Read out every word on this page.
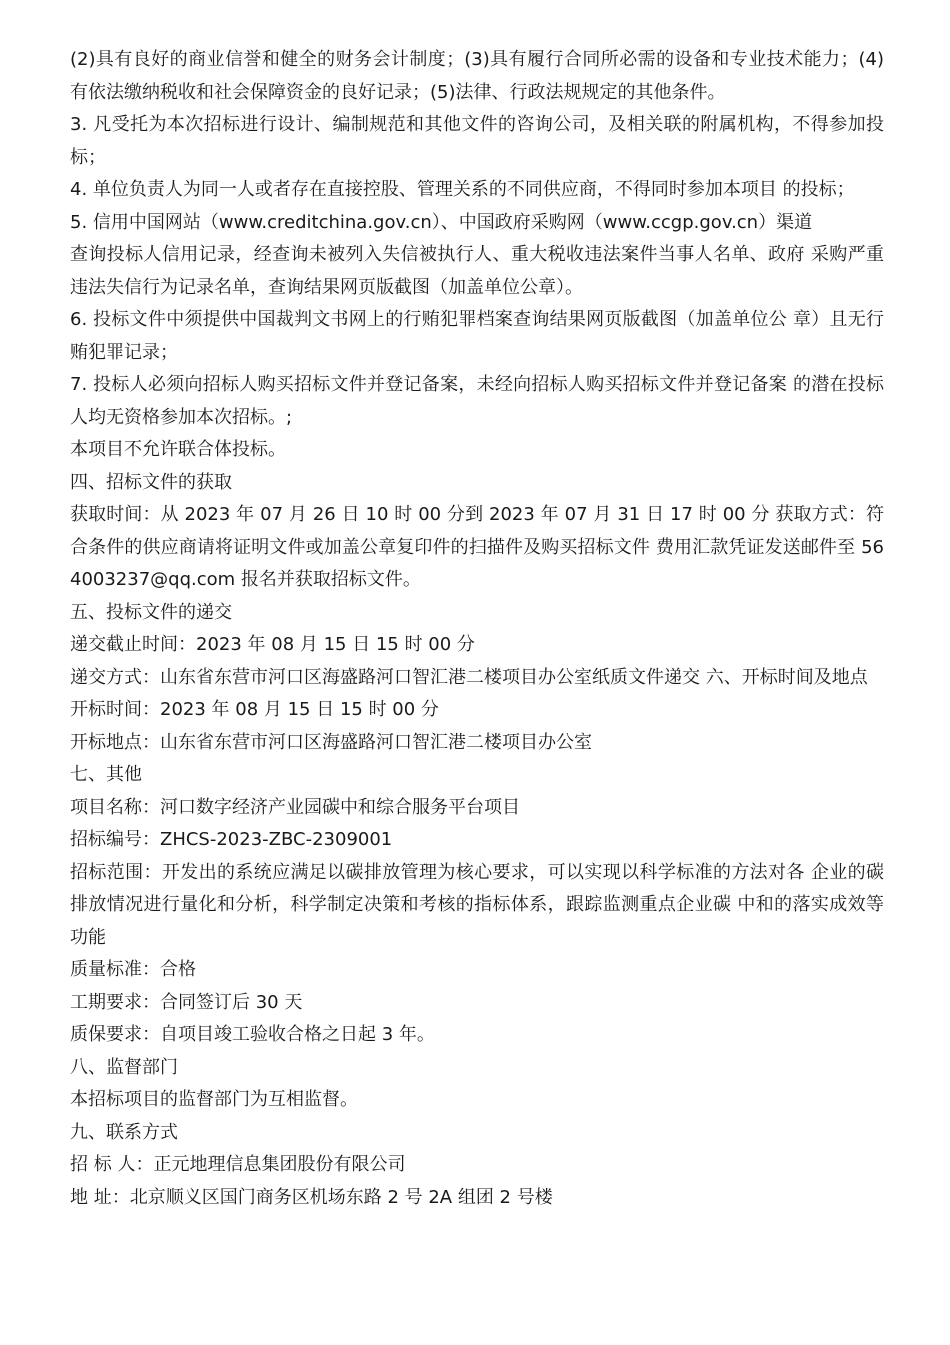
(2)具有良好的商业信誉和健全的财务会计制度；(3)具有履行合同所必需的设备和专业技术能力；(4) 有依法缴纳税收和社会保障资金的良好记录；(5)法律、行政法规规定的其他条件。

3. 凡受托为本次招标进行设计、编制规范和其他文件的咨询公司，及相关联的附属机构，不得参加投标；

4. 单位负责人为同一人或者存在直接控股、管理关系的不同供应商，不得同时参加本项目 的投标；

5. 信用中国网站（www.creditchina.gov.cn）、中国政府采购网（www.ccgp.gov.cn）渠道

查询投标人信用记录，经查询未被列入失信被执行人、重大税收违法案件当事人名单、政府 采购严重违法失信行为记录名单，查询结果网页版截图（加盖单位公章）。

6. 投标文件中须提供中国裁判文书网上的行贿犯罪档案查询结果网页版截图（加盖单位公 章）且无行贿犯罪记录；

7. 投标人必须向招标人购买招标文件并登记备案，未经向招标人购买招标文件并登记备案 的潜在投标人均无资格参加本次招标。;

本项目不允许联合体投标。

四、招标文件的获取

获取时间：从 2023 年 07 月 26 日 10 时 00 分到 2023 年 07 月 31 日 17 时 00 分 获取方式：符合条件的供应商请将证明文件或加盖公章复印件的扫描件及购买招标文件 费用汇款凭证发送邮件至 564003237@qq.com 报名并获取招标文件。

五、投标文件的递交

递交截止时间：2023 年 08 月 15 日 15 时 00 分

递交方式：山东省东营市河口区海盛路河口智汇港二楼项目办公室纸质文件递交 六、开标时间及地点

开标时间：2023 年 08 月 15 日 15 时 00 分

开标地点：山东省东营市河口区海盛路河口智汇港二楼项目办公室

七、其他

项目名称：河口数字经济产业园碳中和综合服务平台项目

招标编号：ZHCS-2023-ZBC-2309001

招标范围：开发出的系统应满足以碳排放管理为核心要求，可以实现以科学标准的方法对各 企业的碳排放情况进行量化和分析，科学制定决策和考核的指标体系，跟踪监测重点企业碳 中和的落实成效等功能

质量标准：合格

工期要求：合同签订后 30 天

质保要求：自项目竣工验收合格之日起 3 年。

八、监督部门

本招标项目的监督部门为互相监督。

九、联系方式

招 标 人：正元地理信息集团股份有限公司

地 址：北京顺义区国门商务区机场东路 2 号 2A 组团 2 号楼
